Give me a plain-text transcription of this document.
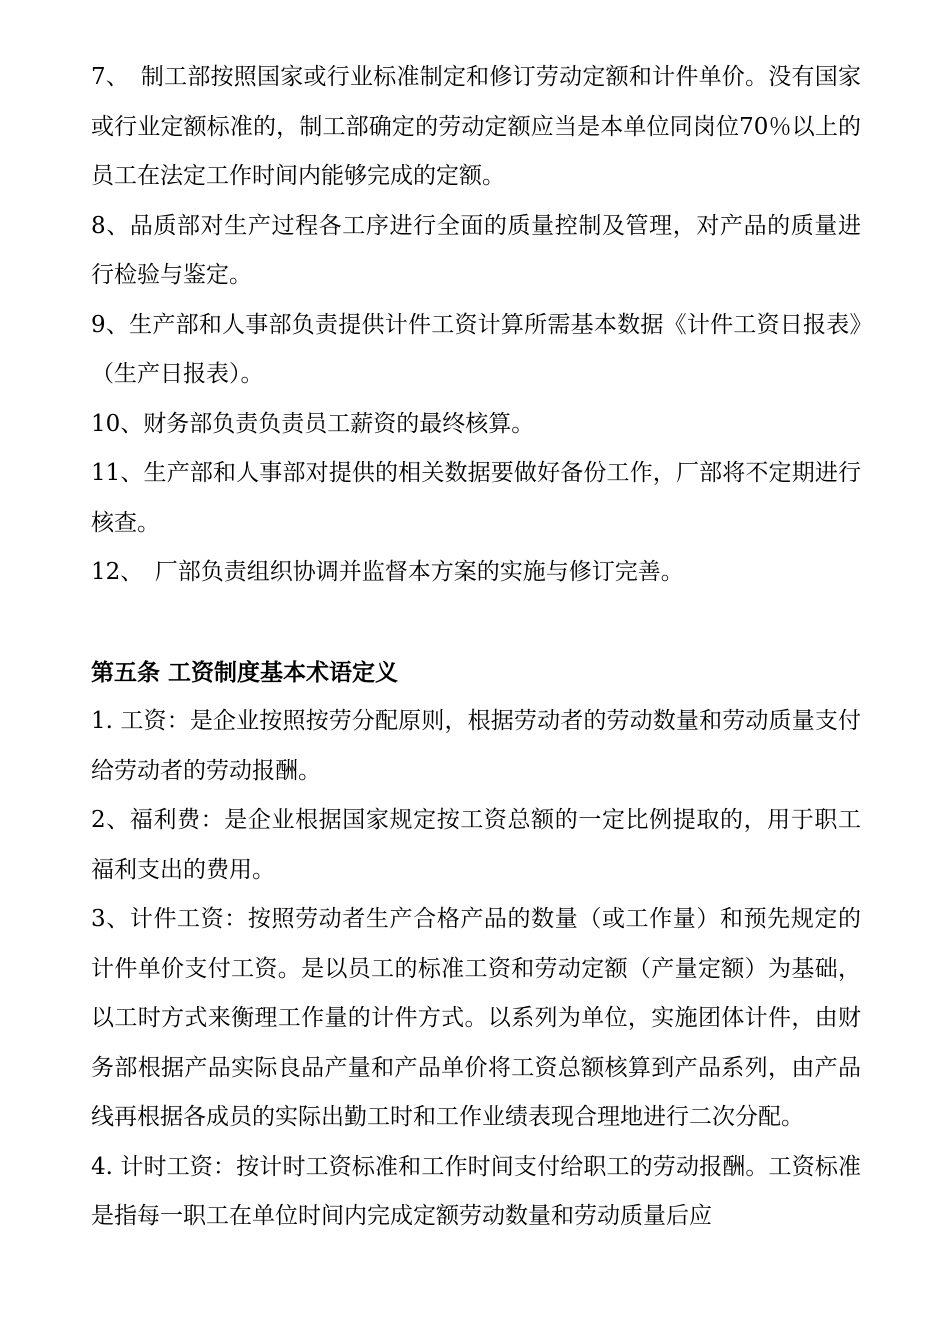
7、　制工部按照国家或行业标准制定和修订劳动定额和计件单价。没有国家或行业定额标准的，制工部确定的劳动定额应当是本单位同岗位70％以上的员工在法定工作时间内能够完成的定额。

8、品质部对生产过程各工序进行全面的质量控制及管理，对产品的质量进行检验与鉴定。

9、生产部和人事部负责提供计件工资计算所需基本数据《计件工资日报表》（生产日报表）。

10、财务部负责负责员工薪资的最终核算。

11、生产部和人事部对提供的相关数据要做好备份工作，厂部将不定期进行核查。

12、　厂部负责组织协调并监督本方案的实施与修订完善。

第五条 工资制度基本术语定义

1. 工资：是企业按照按劳分配原则，根据劳动者的劳动数量和劳动质量支付给劳动者的劳动报酬。

2、福利费：是企业根据国家规定按工资总额的一定比例提取的，用于职工福利支出的费用。

3、计件工资：按照劳动者生产合格产品的数量（或工作量）和预先规定的计件单价支付工资。是以员工的标准工资和劳动定额（产量定额）为基础，以工时方式来衡理工作量的计件方式。以系列为单位，实施团体计件，由财务部根据产品实际良品产量和产品单价将工资总额核算到产品系列，由产品线再根据各成员的实际出勤工时和工作业绩表现合理地进行二次分配。

4. 计时工资：按计时工资标准和工作时间支付给职工的劳动报酬。工资标准是指每一职工在单位时间内完成定额劳动数量和劳动质量后应
